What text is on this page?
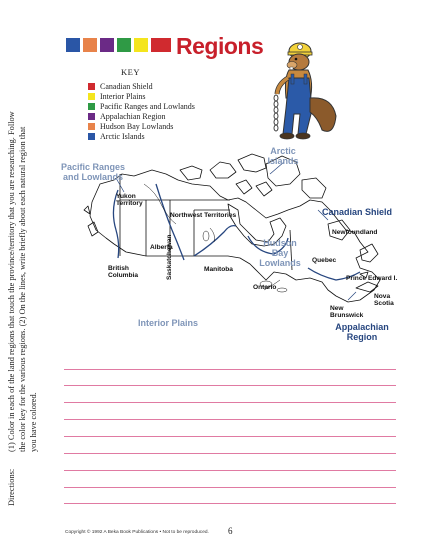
Regions
KEY
Canadian Shield
Interior Plains
Pacific Ranges and Lowlands
Appalachian Region
Hudson Bay Lowlands
Arctic Islands
Directions:(1) Color in each of the land regions that touch the province/territory that you are researching. Follow the color key for the various regions. (2) On the lines, write briefly about each natural region that you have colored.
Arctic Islands
Pacific Ranges and Lowlands
Canadian Shield
Hudson Bay Lowlands
Interior Plains	Appalachian Region
Yukon Territory
Northwest Territories
British Columbia
Alberta
Saskatchewan	Manitoba
Ontario
Quebec
Newfoundland
Prince Edward I.
Nova Scotia
New Brunswick
Copyright © 1992 A Beka Book Publications • Not to be reproduced. 6
